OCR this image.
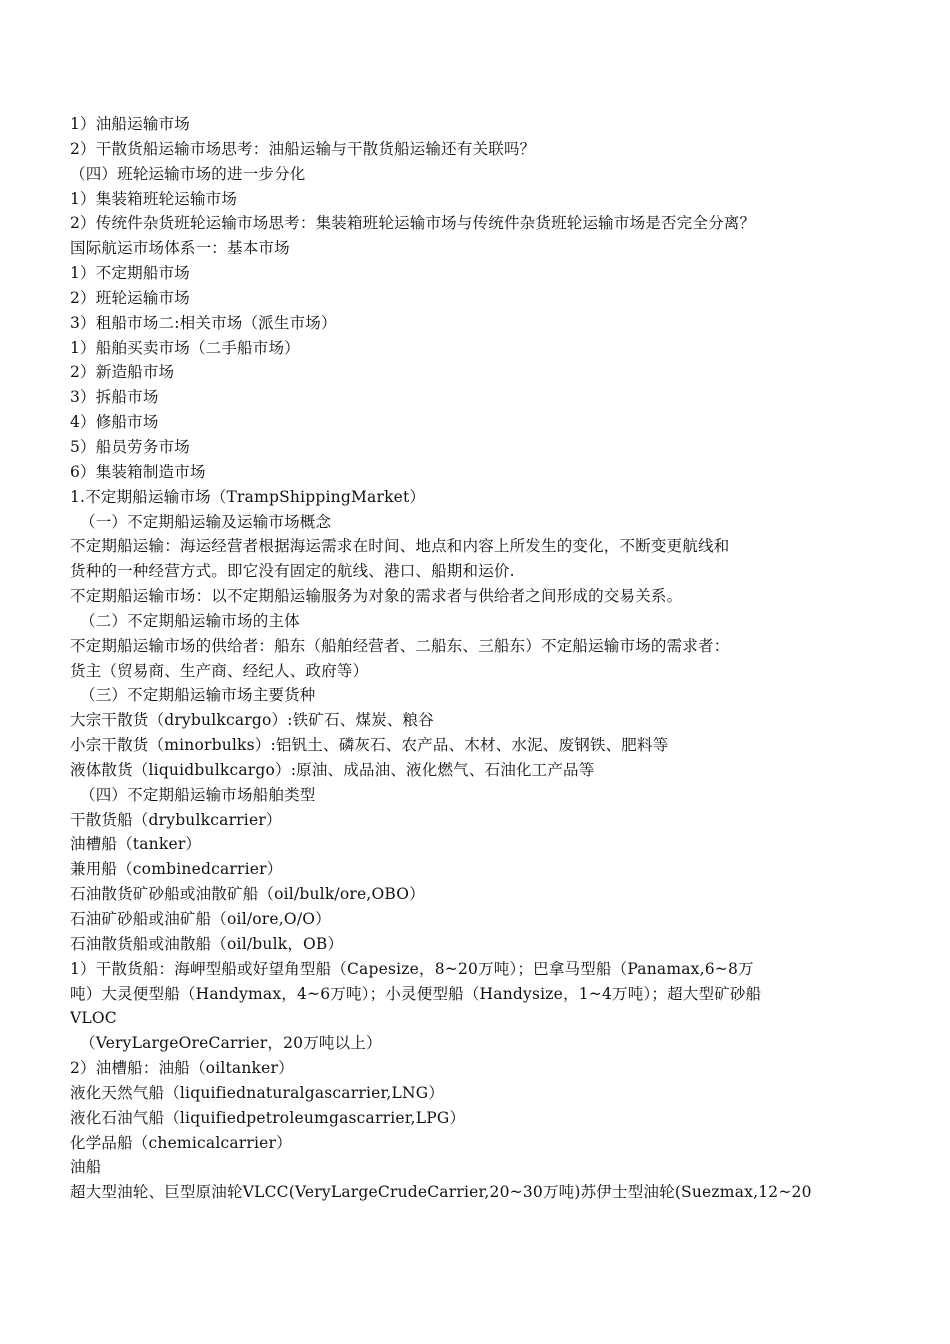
1）油船运输市场

2）干散货船运输市场思考：油船运输与干散货船运输还有关联吗？

（四）班轮运输市场的进一步分化

1）集装箱班轮运输市场

2）传统件杂货班轮运输市场思考：集装箱班轮运输市场与传统件杂货班轮运输市场是否完全分离？

国际航运市场体系一：基本市场

1）不定期船市场

2）班轮运输市场

3）租船市场二:相关市场（派生市场）

1）船舶买卖市场（二手船市场）

2）新造船市场

3）拆船市场

4）修船市场

5）船员劳务市场

6）集装箱制造市场

1.不定期船运输市场（TrampShippingMarket）

（一）不定期船运输及运输市场概念

不定期船运输：海运经营者根据海运需求在时间、地点和内容上所发生的变化，不断变更航线和

货种的一种经营方式。即它没有固定的航线、港口、船期和运价.

不定期船运输市场：以不定期船运输服务为对象的需求者与供给者之间形成的交易关系。

（二）不定期船运输市场的主体

不定期船运输市场的供给者：船东（船舶经营者、二船东、三船东）不定船运输市场的需求者：

货主（贸易商、生产商、经纪人、政府等）

（三）不定期船运输市场主要货种

大宗干散货（drybulkcargo）:铁矿石、煤炭、粮谷

小宗干散货（minorbulks）:铝钒土、磷灰石、农产品、木材、水泥、废钢铁、肥料等

液体散货（liquidbulkcargo）:原油、成品油、液化燃气、石油化工产品等

（四）不定期船运输市场船舶类型

干散货船（drybulkcarrier）

油槽船（tanker）

兼用船（combinedcarrier）

石油散货矿砂船或油散矿船（oil/bulk/ore,OBO）

石油矿砂船或油矿船（oil/ore,O/O）

石油散货船或油散船（oil/bulk，OB）

1）干散货船：海岬型船或好望角型船（Capesize，8~20万吨）；巴拿马型船（Panamax,6~8万

吨）大灵便型船（Handymax，4~6万吨）；小灵便型船（Handysize，1~4万吨）；超大型矿砂船

VLOC

（VeryLargeOreCarrier，20万吨以上）

2）油槽船：油船（oiltanker）

液化天然气船（liquifiednaturalgascarrier,LNG）

液化石油气船（liquifiedpetroleumgascarrier,LPG）

化学品船（chemicalcarrier）

油船

超大型油轮、巨型原油轮VLCC(VeryLargeCrudeCarrier,20~30万吨)苏伊士型油轮(Suezmax,12~20
